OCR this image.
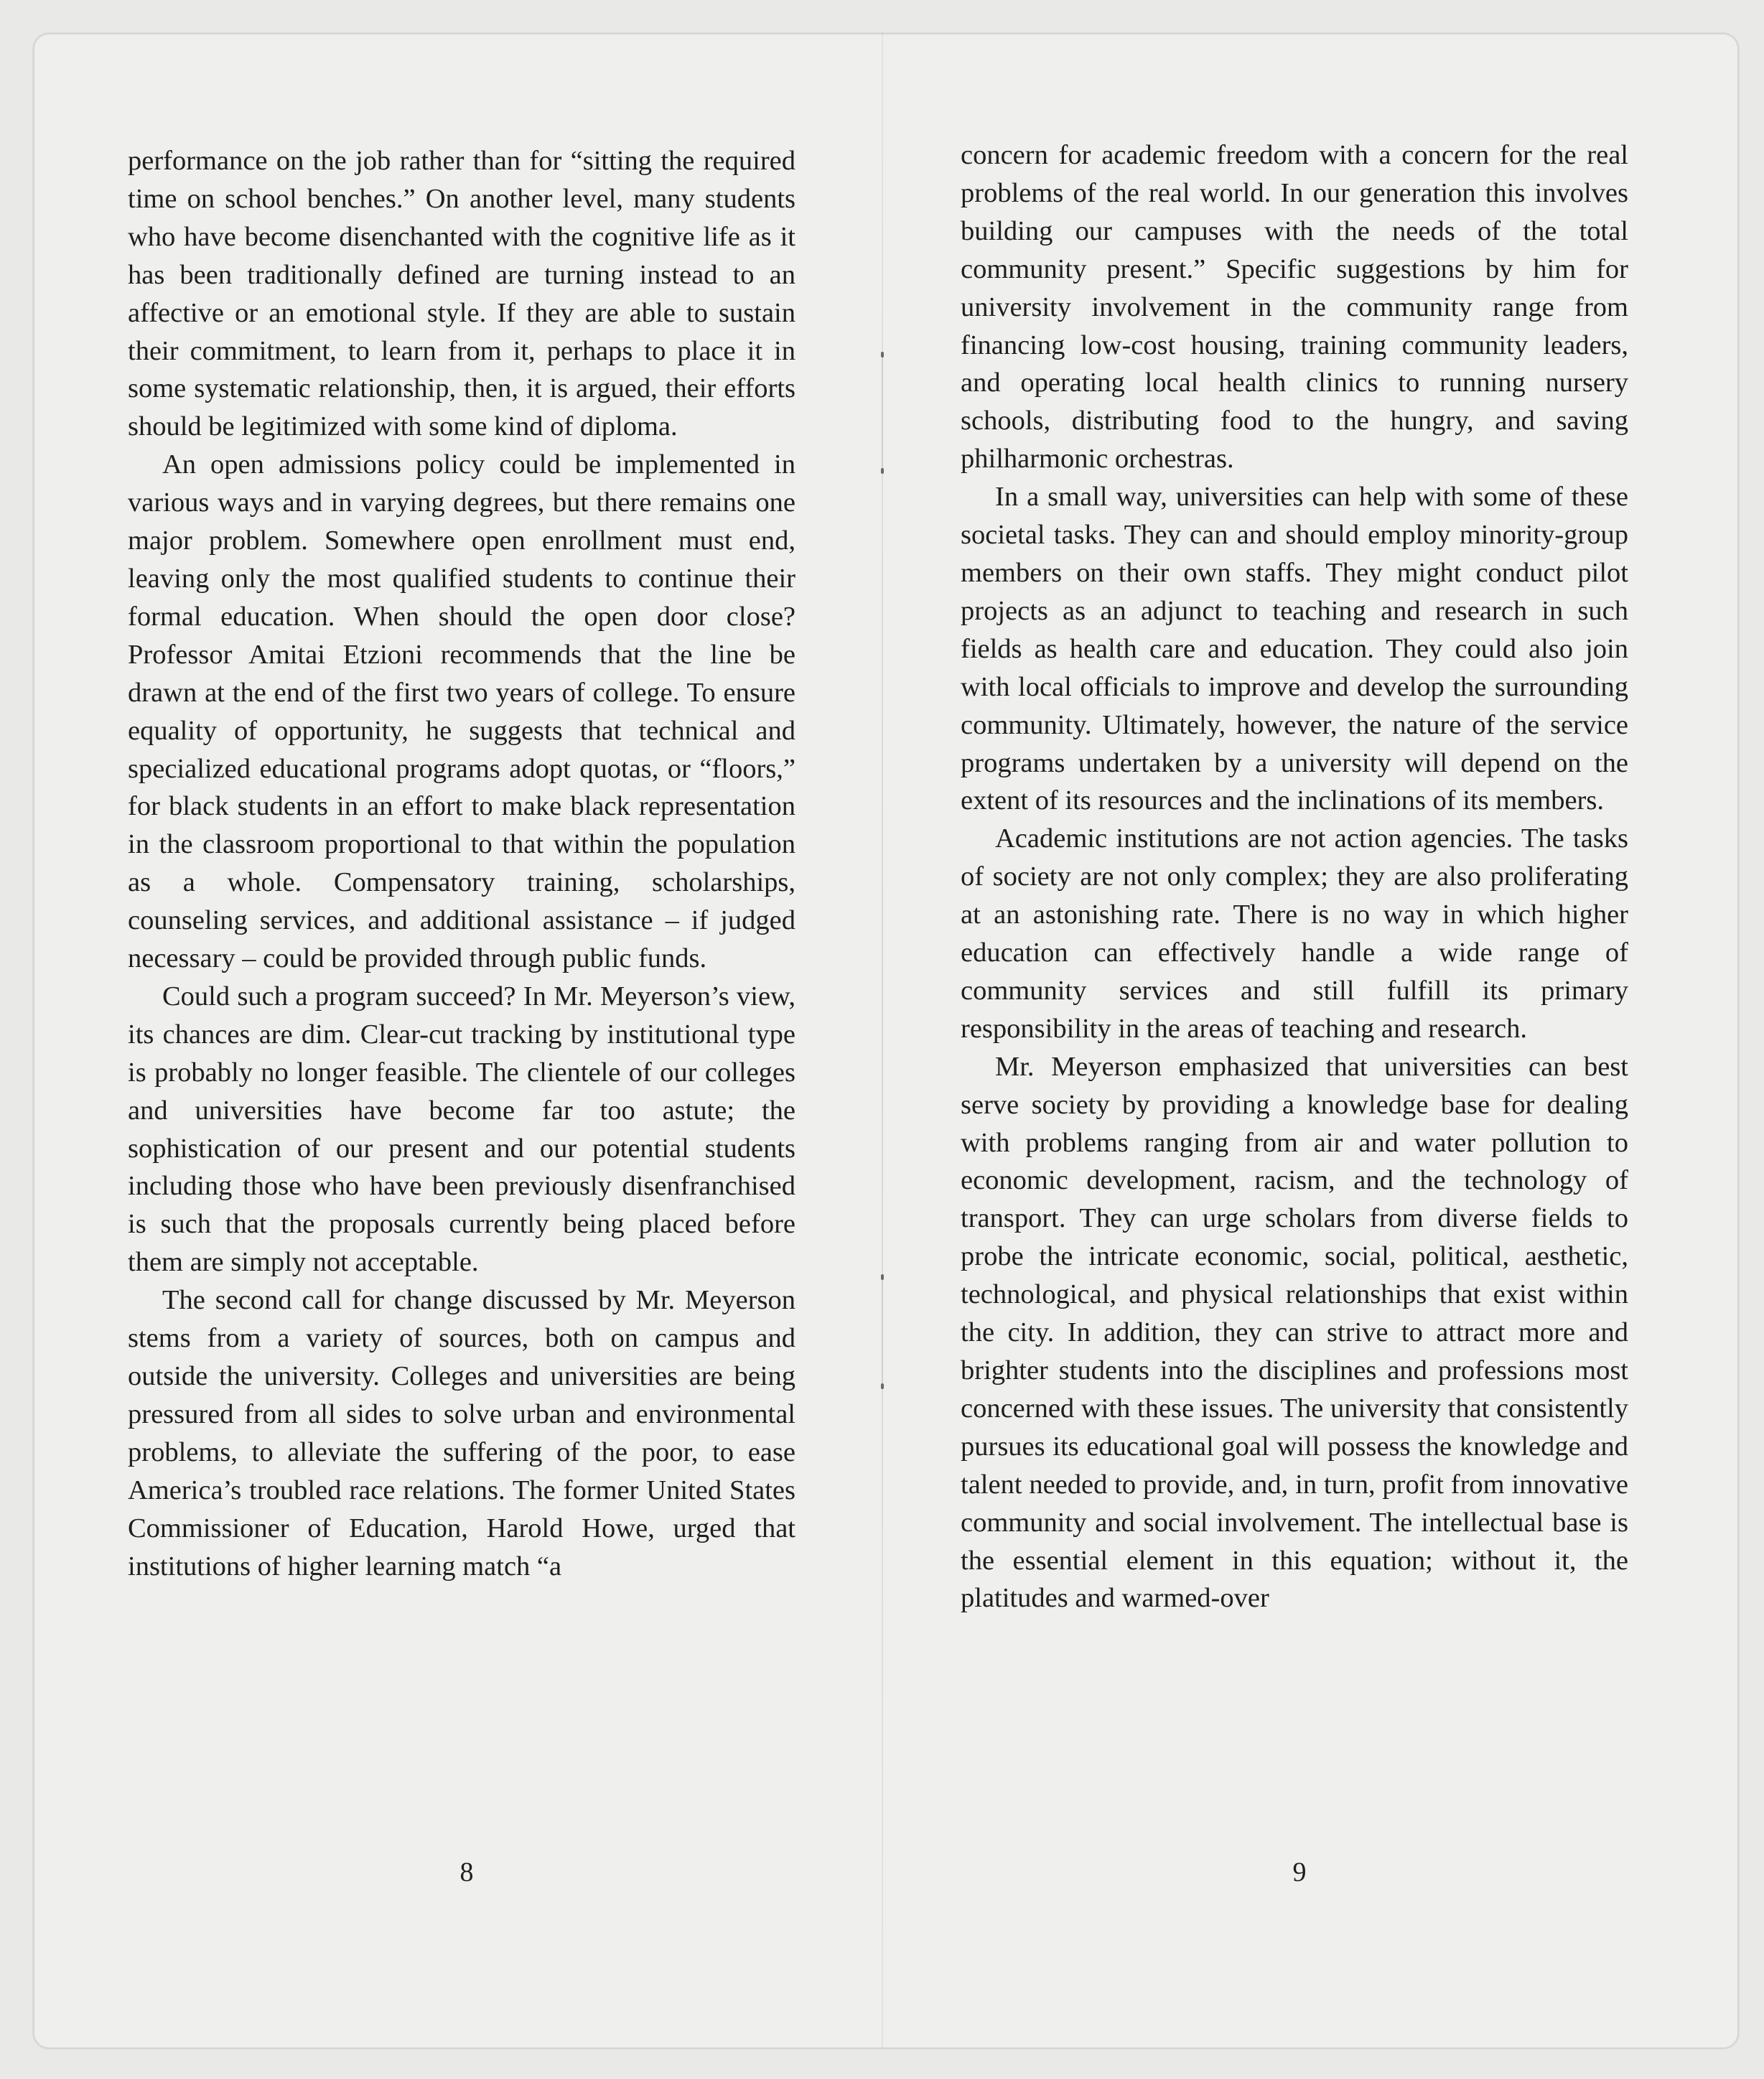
performance on the job rather than for “sitting the required time on school benches.” On another level, many students who have become disenchanted with the cognitive life as it has been traditionally defined are turning instead to an affective or an emotional style. If they are able to sustain their commitment, to learn from it, perhaps to place it in some systematic relationship, then, it is argued, their efforts should be legitimized with some kind of diploma.

An open admissions policy could be implemented in various ways and in varying degrees, but there remains one major problem. Somewhere open enrollment must end, leaving only the most qualified students to continue their formal education. When should the open door close? Professor Amitai Etzioni recommends that the line be drawn at the end of the first two years of college. To ensure equality of opportunity, he suggests that technical and specialized educational programs adopt quotas, or “floors,” for black students in an effort to make black representation in the classroom proportional to that within the population as a whole. Compensatory training, scholarships, counseling services, and additional assistance – if judged necessary – could be provided through public funds.

Could such a program succeed? In Mr. Meyerson’s view, its chances are dim. Clear-cut tracking by institutional type is probably no longer feasible. The clientele of our colleges and universities have become far too astute; the sophistication of our present and our potential students including those who have been previously disenfranchised is such that the proposals currently being placed before them are simply not acceptable.

The second call for change discussed by Mr. Meyerson stems from a variety of sources, both on campus and outside the university. Colleges and universities are being pressured from all sides to solve urban and environmental problems, to alleviate the suffering of the poor, to ease America’s troubled race relations. The former United States Commissioner of Education, Harold Howe, urged that institutions of higher learning match “a

concern for academic freedom with a concern for the real problems of the real world. In our generation this involves building our campuses with the needs of the total community present.” Specific suggestions by him for university involvement in the community range from financing low-cost housing, training community leaders, and operating local health clinics to running nursery schools, distributing food to the hungry, and saving philharmonic orchestras.

In a small way, universities can help with some of these societal tasks. They can and should employ minority-group members on their own staffs. They might conduct pilot projects as an adjunct to teaching and research in such fields as health care and education. They could also join with local officials to improve and develop the surrounding community. Ultimately, however, the nature of the service programs undertaken by a university will depend on the extent of its resources and the inclinations of its members.

Academic institutions are not action agencies. The tasks of society are not only complex; they are also proliferating at an astonishing rate. There is no way in which higher education can effectively handle a wide range of community services and still fulfill its primary responsibility in the areas of teaching and research.

Mr. Meyerson emphasized that universities can best serve society by providing a knowledge base for dealing with problems ranging from air and water pollution to economic development, racism, and the technology of transport. They can urge scholars from diverse fields to probe the intricate economic, social, political, aesthetic, technological, and physical relationships that exist within the city. In addition, they can strive to attract more and brighter students into the disciplines and professions most concerned with these issues. The university that consistently pursues its educational goal will possess the knowledge and talent needed to provide, and, in turn, profit from innovative community and social involvement. The intellectual base is the essential element in this equation; without it, the platitudes and warmed-over

8	9
